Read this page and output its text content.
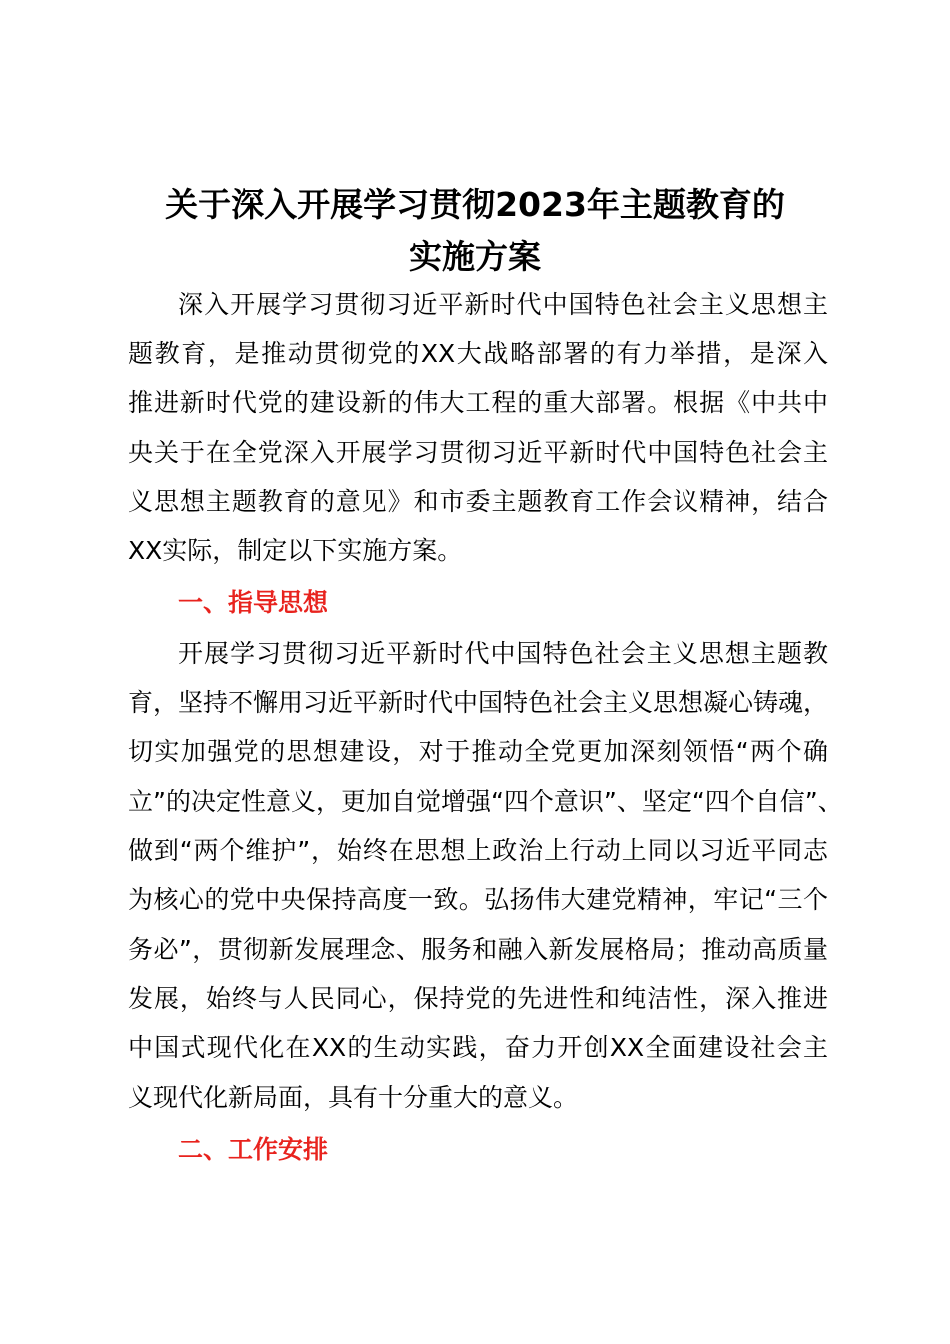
关于深入开展学习贯彻2023年主题教育的
实施方案
深入开展学习贯彻习近平新时代中国特色社会主义思想主
题教育，是推动贯彻党的XX大战略部署的有力举措，是深入
推进新时代党的建设新的伟大工程的重大部署。根据《中共中
央关于在全党深入开展学习贯彻习近平新时代中国特色社会主
义思想主题教育的意见》和市委主题教育工作会议精神，结合
XX实际，制定以下实施方案。
一、指导思想
开展学习贯彻习近平新时代中国特色社会主义思想主题教
育，坚持不懈用习近平新时代中国特色社会主义思想凝心铸魂，
切实加强党的思想建设，对于推动全党更加深刻领悟“两个确
立”的决定性意义，更加自觉增强“四个意识”、坚定“四个自信”、
做到“两个维护”，始终在思想上政治上行动上同以习近平同志
为核心的党中央保持高度一致。弘扬伟大建党精神，牢记“三个
务必”，贯彻新发展理念、服务和融入新发展格局；推动高质量
发展，始终与人民同心，保持党的先进性和纯洁性，深入推进
中国式现代化在XX的生动实践，奋力开创XX全面建设社会主
义现代化新局面，具有十分重大的意义。
二、工作安排
